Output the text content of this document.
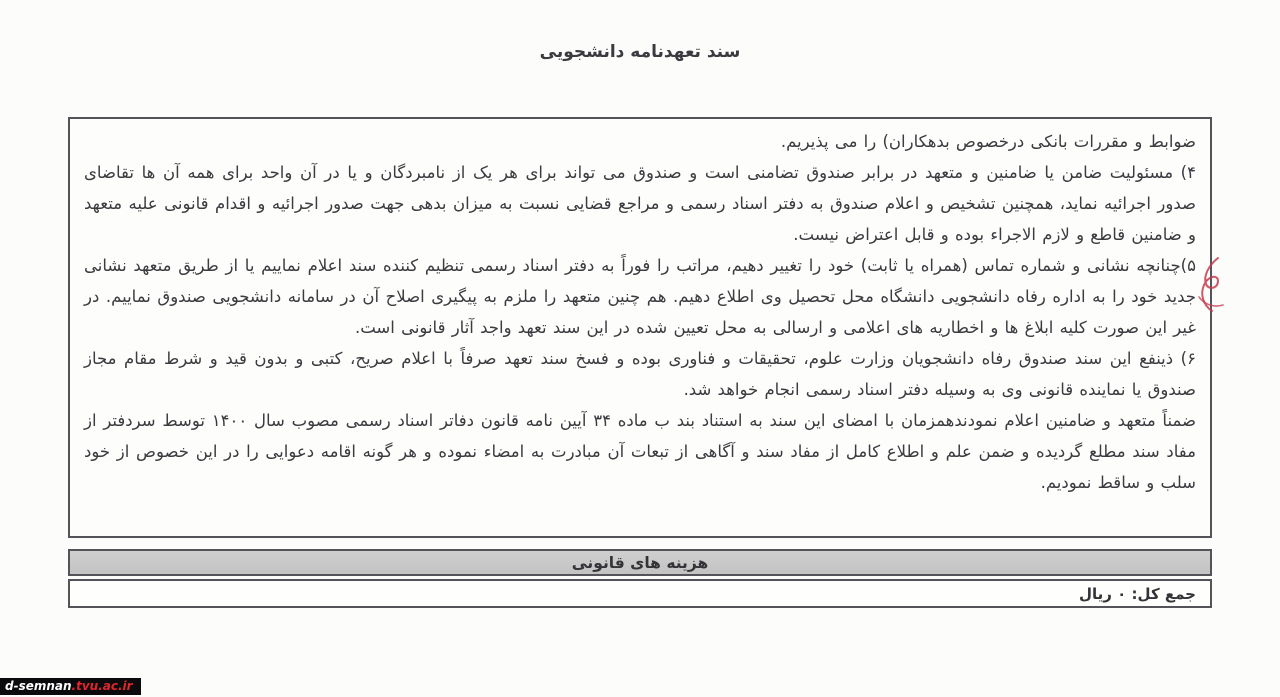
سند تعهدنامه دانشجویی

ضوابط و مقررات بانکی درخصوص بدهکاران) را می پذیریم.

۴) مسئولیت ضامن یا ضامنین و متعهد در برابر صندوق تضامنی است و صندوق می تواند برای هر یک از نامبردگان و یا در آن واحد برای همه آن ها تقاضای صدور اجرائیه نماید، همچنین تشخیص و اعلام صندوق به دفتر اسناد رسمی و مراجع قضایی نسبت به میزان بدهی جهت صدور اجرائیه و اقدام قانونی علیه متعهد و ضامنین قاطع و لازم الاجراء بوده و قابل اعتراض نیست.

۵)چنانچه نشانی و شماره تماس (همراه یا ثابت) خود را تغییر دهیم، مراتب را فوراً به دفتر اسناد رسمی تنظیم کننده سند اعلام نماییم یا از طریق متعهد نشانی جدید خود را به اداره رفاه دانشجویی دانشگاه محل تحصیل وی اطلاع دهیم. هم چنین متعهد را ملزم به پیگیری اصلاح آن در سامانه دانشجویی صندوق نماییم. در غیر این صورت کلیه ابلاغ ها و اخطاریه های اعلامی و ارسالی به محل تعیین شده در این سند تعهد واجد آثار قانونی است.

۶) ذینفع این سند صندوق رفاه دانشجویان وزارت علوم، تحقیقات و فناوری بوده و فسخ سند تعهد صرفاً با اعلام صریح، کتبی و بدون قید و شرط مقام مجاز صندوق یا نماینده قانونی وی به وسیله دفتر اسناد رسمی انجام خواهد شد.

ضمناً متعهد و ضامنین اعلام نمودندهمزمان با امضای این سند به استناد بند ب ماده ۳۴ آیین نامه قانون دفاتر اسناد رسمی مصوب سال ۱۴۰۰ توسط سردفتر از مفاد سند مطلع گردیده و ضمن علم و اطلاع کامل از مفاد سند و آگاهی از تبعات آن مبادرت به امضاء نموده و هر گونه اقامه دعوایی را در این خصوص از خود سلب و ساقط نمودیم.

هزینه های قانونی
جمع کل: ۰ ریال
d-semnan.tvu.ac.ir
